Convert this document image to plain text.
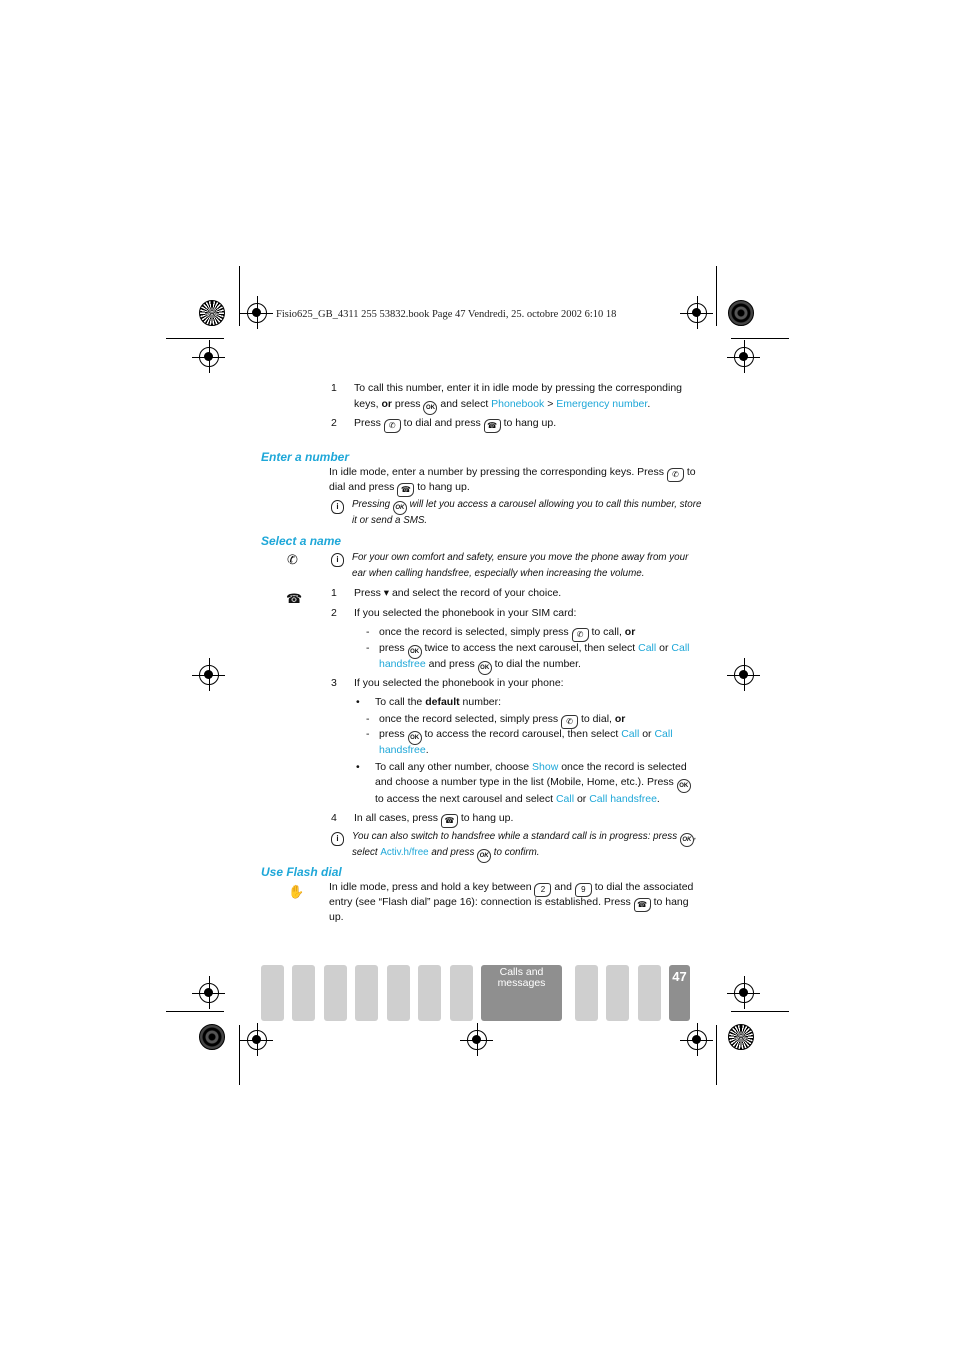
Fisio625_GB_4311 255 53832.book Page 47 Vendredi, 25. octobre 2002 6:10 18
1 To call this number, enter it in idle mode by pressing the corresponding
keys, or press OK and select Phonebook > Emergency number.
2 Press ✆ to dial and press ☎ to hang up.
Enter a number
In idle mode, enter a number by pressing the corresponding keys. Press ✆ to
dial and press ☎ to hang up.
i	Pressing OK will let you access a carousel allowing you to call this number, store
it or send a SMS.
Select a name
✆	i	For your own comfort and safety, ensure you move the phone away from your
ear when calling handsfree, especially when increasing the volume.
☎	1 Press ▾ and select the record of your choice.
2 If you selected the phonebook in your SIM card:
- once the record is selected, simply press ✆ to call, or
- press OK twice to access the next carousel, then select Call or Call
handsfree and press OK to dial the number.
3 If you selected the phonebook in your phone:
• To call the default number:
- once the record selected, simply press ✆ to dial, or
- press OK to access the record carousel, then select Call or Call
handsfree.
• To call any other number, choose Show once the record is selected
and choose a number type in the list (Mobile, Home, etc.). Press OK
to access the next carousel and select Call or Call handsfree.
4 In all cases, press ☎ to hang up.
i	You can also switch to handsfree while a standard call is in progress: press OK ,
select Activ.h/free and press OK to confirm.
Use Flash dial
✋ In idle mode, press and hold a key between 2 and 9 to dial the associated
entry (see “Flash dial” page 16): connection is established. Press ☎ to hang
up.
Calls and
messages	47
